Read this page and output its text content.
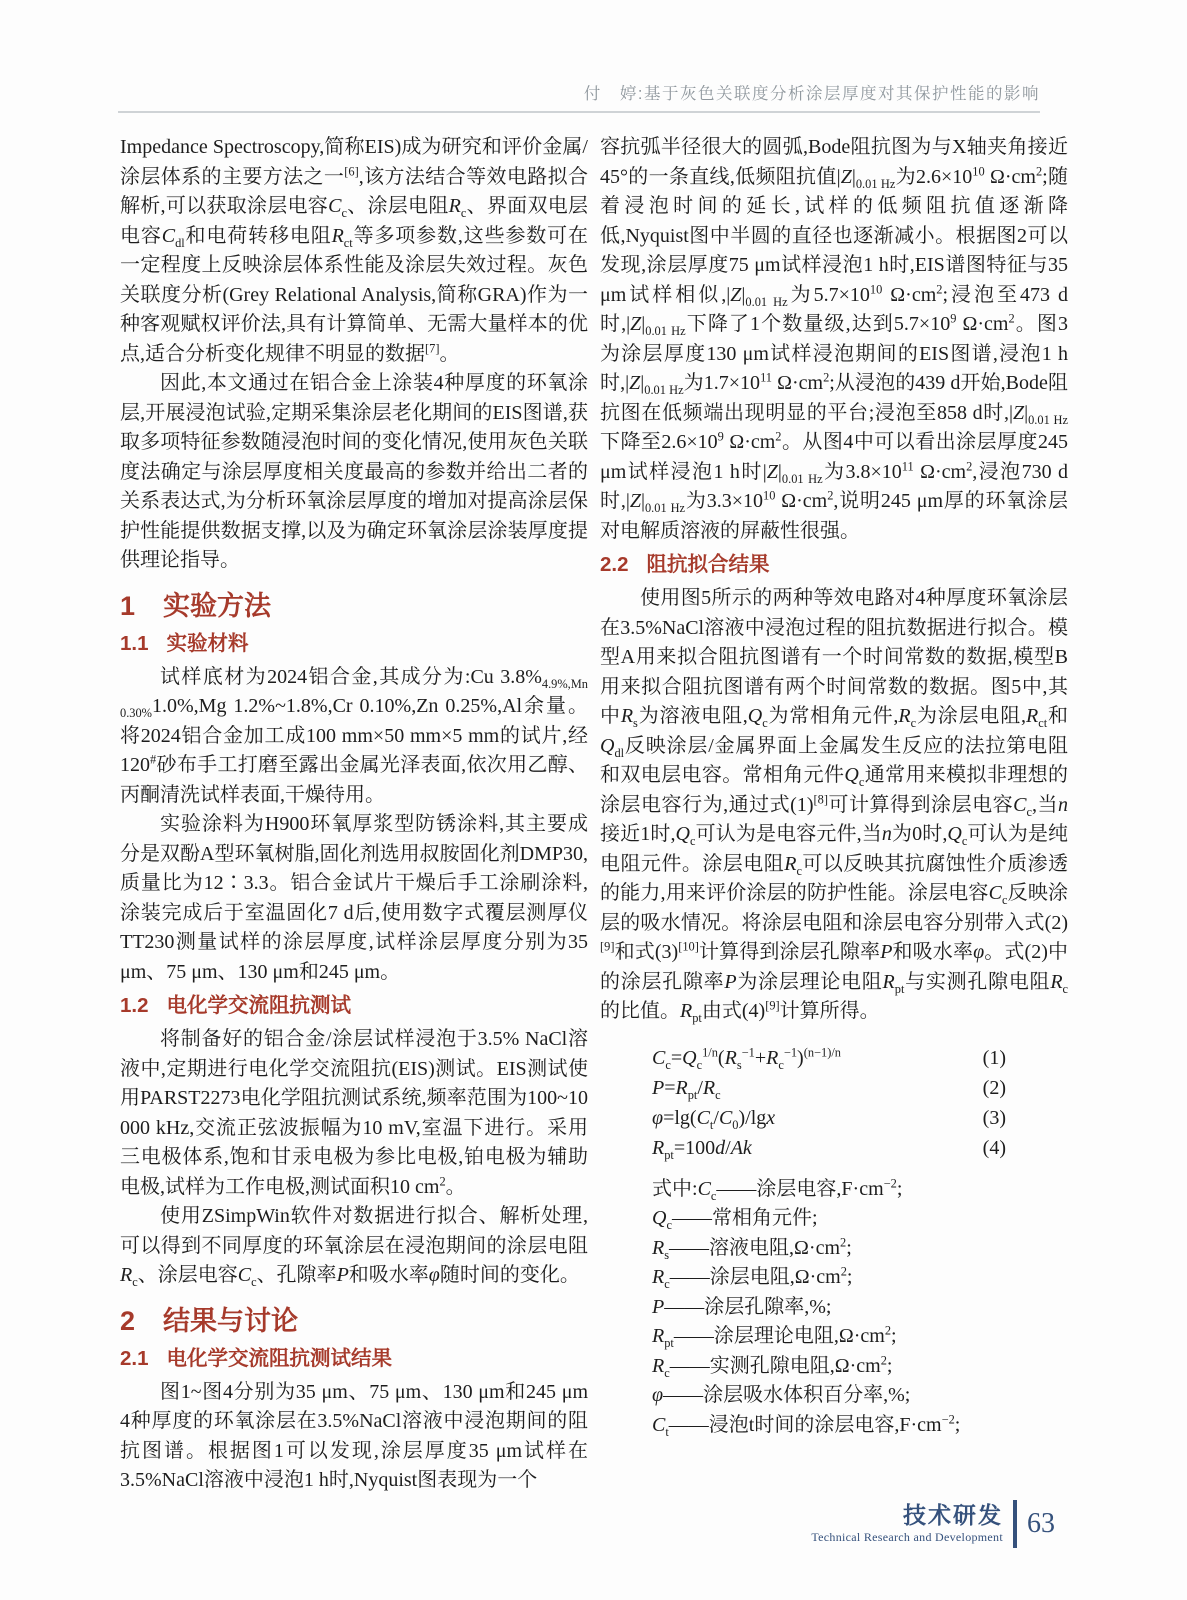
付　婷:基于灰色关联度分析涂层厚度对其保护性能的影响

Impedance Spectroscopy,简称EIS)成为研究和评价金属/涂层体系的主要方法之一[6],该方法结合等效电路拟合解析,可以获取涂层电容$C_c$、涂层电阻$R_c$、界面双电层电容$C_{dl}$和电荷转移电阻$R_{ct}$等多项参数,这些参数可在一定程度上反映涂层体系性能及涂层失效过程。灰色关联度分析(Grey Relational Analysis,简称GRA)作为一种客观赋权评价法,具有计算简单、无需大量样本的优点,适合分析变化规律不明显的数据[7]。

因此,本文通过在铝合金上涂装4种厚度的环氧涂层,开展浸泡试验,定期采集涂层老化期间的EIS图谱,获取多项特征参数随浸泡时间的变化情况,使用灰色关联度法确定与涂层厚度相关度最高的参数并给出二者的关系表达式,为分析环氧涂层厚度的增加对提高涂层保护性能提供数据支撑,以及为确定环氧涂层涂装厚度提供理论指导。

1 实验方法
1.1 实验材料

试样底材为2024铝合金,其成分为:Cu $3.8\%_{4.9\%,Mn 0.30\%}1.0\%,Mg$ 1.2%~1.8%,Cr 0.10%,Zn 0.25%,Al余量。将2024铝合金加工成100 mm×50 mm×5 mm的试片,经120#砂布手工打磨至露出金属光泽表面,依次用乙醇、丙酮清洗试样表面,干燥待用。

实验涂料为H900环氧厚浆型防锈涂料,其主要成分是双酚A型环氧树脂,固化剂选用叔胺固化剂DMP30,质量比为12∶3.3。铝合金试片干燥后手工涂刷涂料,涂装完成后于室温固化7 d后,使用数字式覆层测厚仪TT230测量试样的涂层厚度,试样涂层厚度分别为35 μm、75 μm、130 μm和245 μm。

1.2 电化学交流阻抗测试

将制备好的铝合金/涂层试样浸泡于3.5% NaCl溶液中,定期进行电化学交流阻抗(EIS)测试。EIS测试使用PARST2273电化学阻抗测试系统,频率范围为100~10 000 kHz,交流正弦波振幅为10 mV,室温下进行。采用三电极体系,饱和甘汞电极为参比电极,铂电极为辅助电极,试样为工作电极,测试面积10 $cm^2$。

使用ZSimpWin软件对数据进行拟合、解析处理,可以得到不同厚度的环氧涂层在浸泡期间的涂层电阻$R_c$、涂层电容$C_c$、孔隙率P和吸水率φ随时间的变化。

2 结果与讨论
2.1 电化学交流阻抗测试结果

图1~图4分别为35 μm、75 μm、130 μm和245 μm 4种厚度的环氧涂层在3.5%NaCl溶液中浸泡期间的阻抗图谱。根据图1可以发现,涂层厚度35 μm试样在3.5%NaCl溶液中浸泡1 h时,Nyquist图表现为一个

容抗弧半径很大的圆弧,Bode阻抗图为与X轴夹角接近45°的一条直线,低频阻抗值$|Z|_{0.01 Hz}$为$2.6\times 10^{10}$ $\Omega\cdot cm^2$;随着浸泡时间的延长,试样的低频阻抗值逐渐降低,Nyquist图中半圆的直径也逐渐减小。根据图2可以发现,涂层厚度75 μm试样浸泡1 h时,EIS谱图特征与35 μm试样相似$,|Z|_{0.01 Hz}$为$5.7\times 10^{10}$ $\Omega\cdot cm^2$;浸泡至473 d时$,|Z|_{0.01 Hz}$下降了1个数量级,达到$5.7\times 10^9$ $\Omega\cdot cm^2$。图3为涂层厚度130 μm试样浸泡期间的EIS图谱,浸泡1 h时$,|Z|_{0.01 Hz}$为$1.7\times 10^{11}$ $\Omega\cdot cm^2$;从浸泡的439 d开始,Bode阻抗图在低频端出现明显的平台;浸泡至858 d时$,|Z|_{0.01 Hz}$下降至$2.6\times 10^9$ $\Omega\cdot cm^2$。从图4中可以看出涂层厚度245 μm试样浸泡1 h时$|Z|_{0.01 Hz}$为$3.8\times 10^{11}$ $\Omega\cdot cm^2$,浸泡730 d时$,|Z|_{0.01 Hz}$为$3.3\times 10^{10}$ $\Omega\cdot cm^2$,说明245 μm厚的环氧涂层对电解质溶液的屏蔽性很强。

2.2 阻抗拟合结果

使用图5所示的两种等效电路对4种厚度环氧涂层在3.5%NaCl溶液中浸泡过程的阻抗数据进行拟合。模型A用来拟合阻抗图谱有一个时间常数的数据,模型B用来拟合阻抗图谱有两个时间常数的数据。图5中,其中$R_s$为溶液电阻$,Q_c$为常相角元件$,R_c$为涂层电阻$,R_{ct}$和$Q_{dl}$反映涂层/金属界面上金属发生反应的法拉第电阻和双电层电容。常相角元件$Q_c$通常用来模拟非理想的涂层电容行为,通过式(1)[8]可计算得到涂层电容$C_c$,当n接近1时$,Q_c$可认为是电容元件,当n为0时$,Q_c$可认为是纯电阻元件。涂层电阻$R_c$可以反映其抗腐蚀性介质渗透的能力,用来评价涂层的防护性能。涂层电容$C_c$反映涂层的吸水情况。将涂层电阻和涂层电容分别带入式(2)[9]和式(3)[10]计算得到涂层孔隙率P和吸水率φ。式(2)中的涂层孔隙率P为涂层理论电阻$R_{pt}$与实测孔隙电阻$R_c$的比值。$R_{pt}$由式(4)[9]计算所得。

$C_c=Q_c^{1/n}(R_s^{-1}+R_c^{-1})^{(n-1)/n}$	(1)
$P=R_{pt}/R_c$	(2)
$\varphi=\lg(C_t/C_0)$/lgx	(3)
$R_{pt}=100d/Ak$	(4)
式中$:C_c——$涂层电容$,F\cdot cm^{-2}$;
$Q_c——$常相角元件;
$R_s——$溶液电阻$,\Omega\cdot cm^2$;
$R_c——$涂层电阻$,\Omega\cdot cm^2$;
P——涂层孔隙率,%;
$R_{pt}——$涂层理论电阻$,\Omega\cdot cm^2$;
$R_c——$实测孔隙电阻$,\Omega\cdot cm^2$;
φ——涂层吸水体积百分率,%;
$C_t——$浸泡t时间的涂层电容$,F\cdot cm^{-2}$;
技术研发
Technical Research and Development 63
